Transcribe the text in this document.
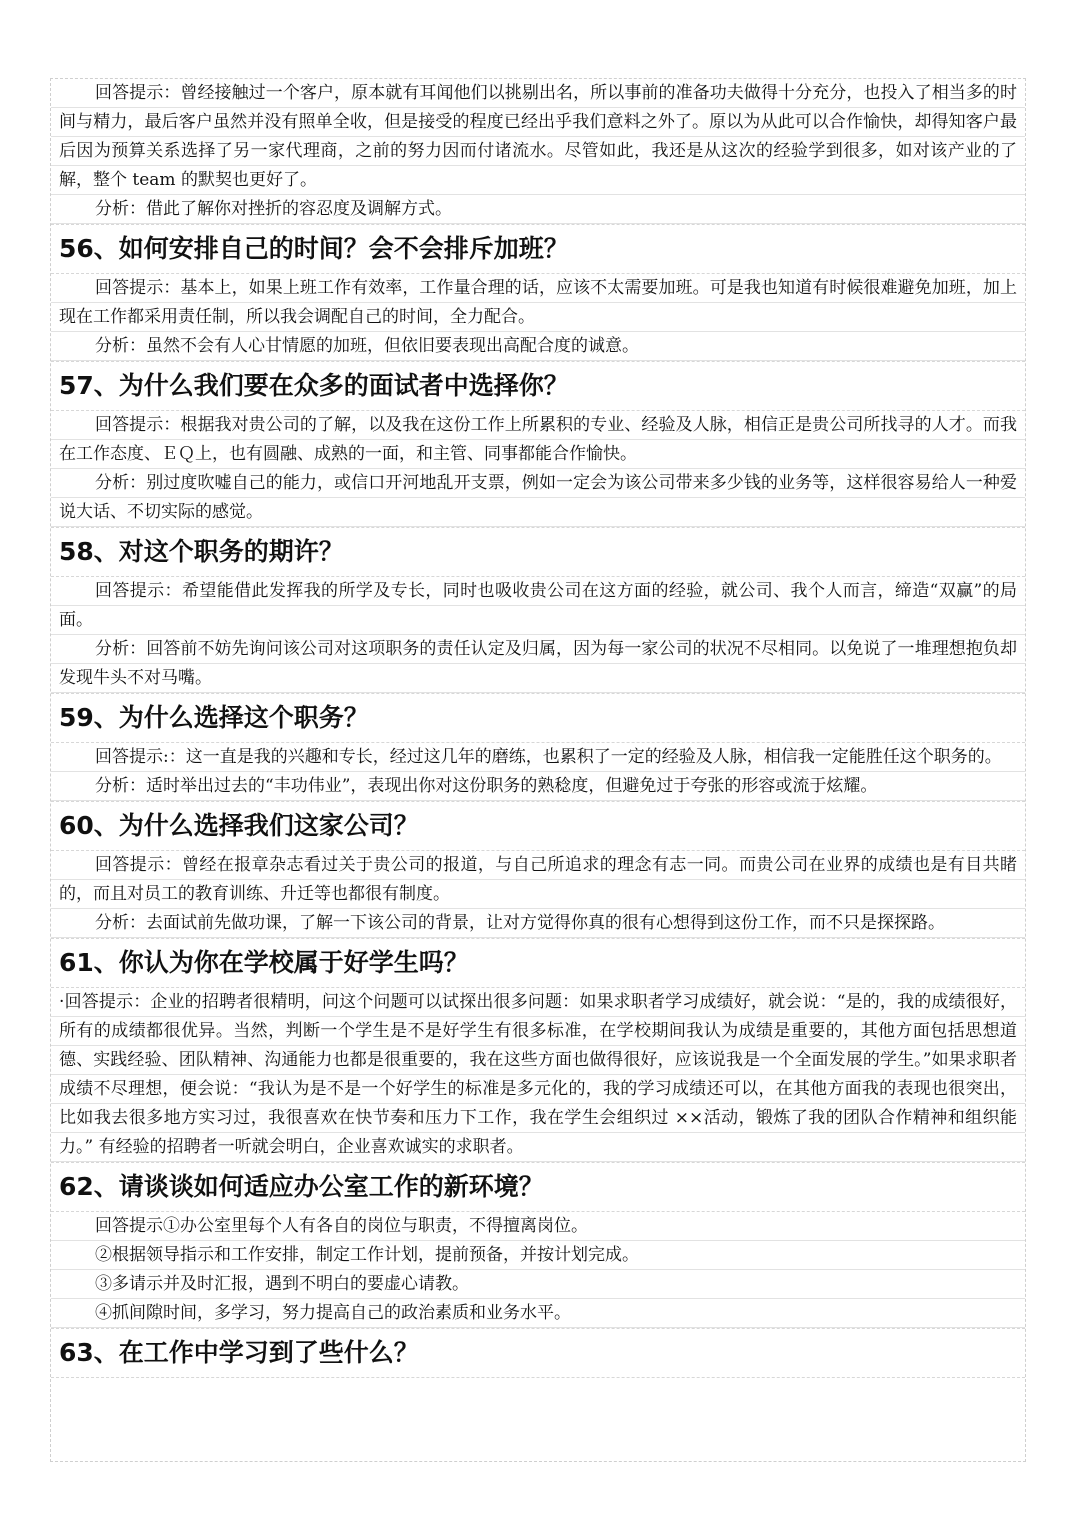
回答提示：曾经接触过一个客户，原本就有耳闻他们以挑剔出名，所以事前的准备功夫做得十分充分，也投入了相当多的时间与精力，最后客户虽然并没有照单全收，但是接受的程度已经出乎我们意料之外了。原以为从此可以合作愉快，却得知客户最后因为预算关系选择了另一家代理商，之前的努力因而付诸流水。尽管如此，我还是从这次的经验学到很多，如对该产业的了解，整个 team 的默契也更好了。

分析：借此了解你对挫折的容忍度及调解方式。

56、如何安排自己的时间？会不会排斥加班？

回答提示：基本上，如果上班工作有效率，工作量合理的话，应该不太需要加班。可是我也知道有时候很难避免加班，加上现在工作都采用责任制，所以我会调配自己的时间，全力配合。

分析：虽然不会有人心甘情愿的加班，但依旧要表现出高配合度的诚意。

57、为什么我们要在众多的面试者中选择你？

回答提示：根据我对贵公司的了解，以及我在这份工作上所累积的专业、经验及人脉，相信正是贵公司所找寻的人才。而我在工作态度、ＥＱ上，也有圆融、成熟的一面，和主管、同事都能合作愉快。

分析：别过度吹嘘自己的能力，或信口开河地乱开支票，例如一定会为该公司带来多少钱的业务等，这样很容易给人一种爱说大话、不切实际的感觉。

58、对这个职务的期许？

回答提示：希望能借此发挥我的所学及专长，同时也吸收贵公司在这方面的经验，就公司、我个人而言，缔造“双赢”的局面。

分析：回答前不妨先询问该公司对这项职务的责任认定及归属，因为每一家公司的状况不尽相同。以免说了一堆理想抱负却发现牛头不对马嘴。

59、为什么选择这个职务？

回答提示:：这一直是我的兴趣和专长，经过这几年的磨练，也累积了一定的经验及人脉，相信我一定能胜任这个职务的。

分析：适时举出过去的“丰功伟业”，表现出你对这份职务的熟稔度，但避免过于夸张的形容或流于炫耀。

60、为什么选择我们这家公司？

回答提示：曾经在报章杂志看过关于贵公司的报道，与自己所追求的理念有志一同。而贵公司在业界的成绩也是有目共睹的，而且对员工的教育训练、升迁等也都很有制度。

分析：去面试前先做功课，了解一下该公司的背景，让对方觉得你真的很有心想得到这份工作，而不只是探探路。

61、你认为你在学校属于好学生吗？

·回答提示：企业的招聘者很精明，问这个问题可以试探出很多问题：如果求职者学习成绩好，就会说：“是的，我的成绩很好，所有的成绩都很优异。当然，判断一个学生是不是好学生有很多标准，在学校期间我认为成绩是重要的，其他方面包括思想道德、实践经验、团队精神、沟通能力也都是很重要的，我在这些方面也做得很好，应该说我是一个全面发展的学生。”如果求职者成绩不尽理想，便会说：“我认为是不是一个好学生的标准是多元化的，我的学习成绩还可以，在其他方面我的表现也很突出，比如我去很多地方实习过，我很喜欢在快节奏和压力下工作，我在学生会组织过 ××活动，锻炼了我的团队合作精神和组织能力。” 有经验的招聘者一听就会明白，企业喜欢诚实的求职者。

62、请谈谈如何适应办公室工作的新环境？

回答提示①办公室里每个人有各自的岗位与职责，不得擅离岗位。

②根据领导指示和工作安排，制定工作计划，提前预备，并按计划完成。

③多请示并及时汇报，遇到不明白的要虚心请教。

④抓间隙时间，多学习，努力提高自己的政治素质和业务水平。

63、在工作中学习到了些什么？
